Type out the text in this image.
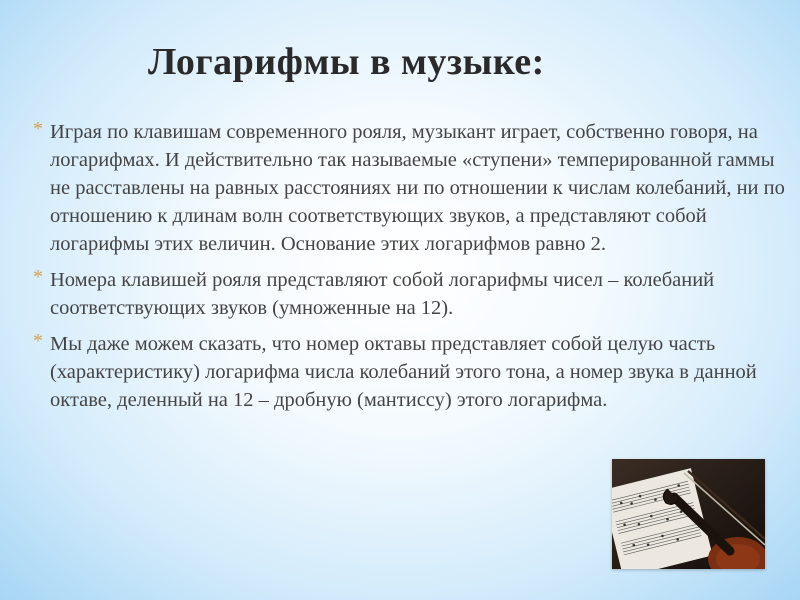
Логарифмы в музыке:
* Играя по клавишам современного рояля, музыкант играет, собственно говоря, на логарифмах. И действительно так называемые «ступени» темперированной гаммы не расставлены на равных расстояниях ни по отношении к числам колебаний, ни по отношению к длинам волн соответствующих звуков, а представляют собой логарифмы этих величин. Основание этих логарифмов равно 2.
* Номера клавишей рояля представляют собой логарифмы чисел – колебаний соответствующих звуков (умноженные на 12).
* Мы даже можем сказать, что номер октавы представляет собой целую часть (характеристику) логарифма числа колебаний этого тона, а номер звука в данной октаве, деленный на 12 – дробную (мантиссу) этого логарифма.
